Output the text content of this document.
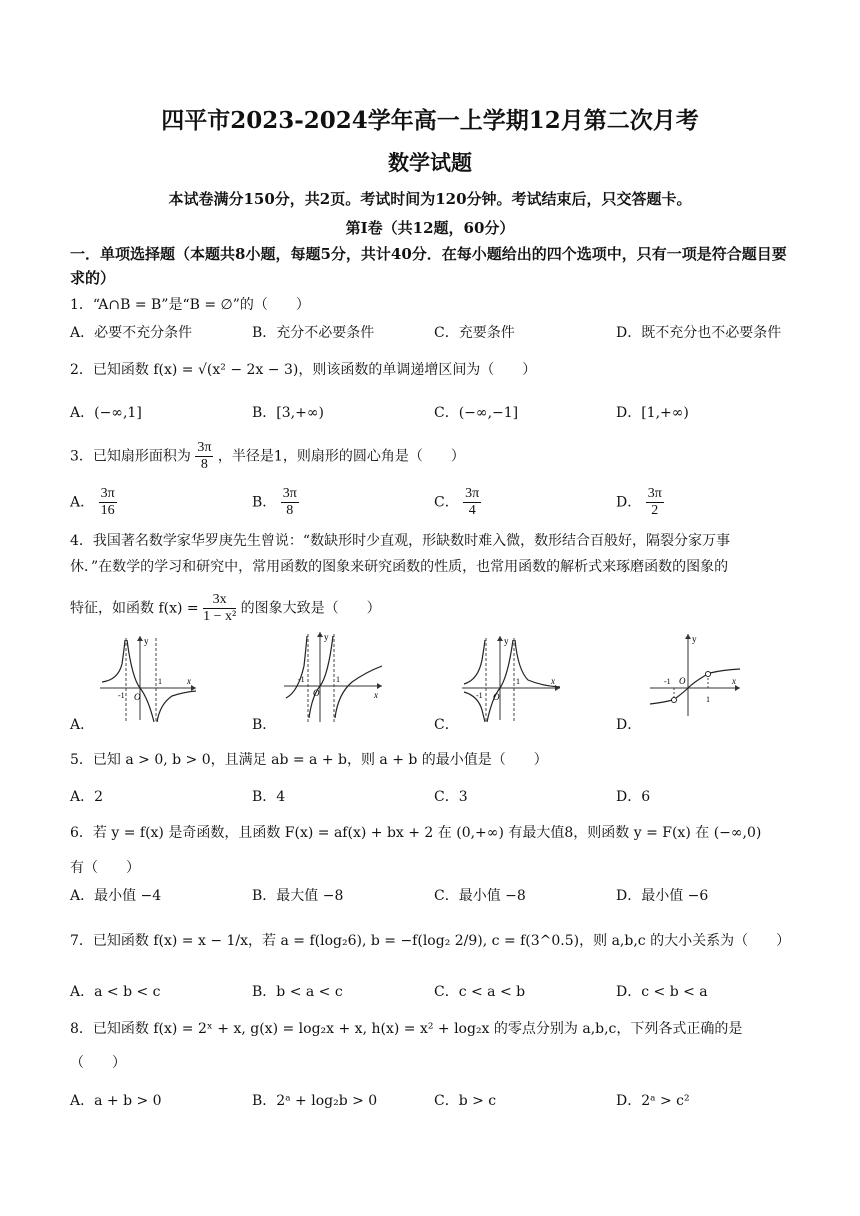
四平市2023-2024学年高一上学期12月第二次月考
数学试题
本试卷满分150分，共2页。考试时间为120分钟。考试结束后，只交答题卡。
第Ⅰ卷（共12题，60分）
一．单项选择题（本题共8小题，每题5分，共计40分．在每小题给出的四个选项中，只有一项是符合题目要求的）
1．“A∩B = B”是“B = ∅”的（　　）
A．必要不充分条件	B．充分不必要条件	C．充要条件	D．既不充分也不必要条件
2．已知函数 f(x) = √(x² − 2x − 3)，则该函数的单调递增区间为（　　）
A．(−∞,1]	B．[3,+∞)	C．(−∞,−1]	D．[1,+∞)
3．已知扇形面积为 $\frac{3\pi}{8}$ ，半径是1，则扇形的圆心角是（　　）
A． $\frac{3\pi}{16}$	B． $\frac{3\pi}{8}$	C． $\frac{3\pi}{4}$	D． $\frac{3\pi}{2}$
4．我国著名数学家华罗庚先生曾说：“数缺形时少直观，形缺数时难入微，数形结合百般好，隔裂分家万事
休．”在数学的学习和研究中，常用函数的图象来研究函数的性质，也常用函数的解析式来琢磨函数的图象的
特征，如函数 $f(x) = \frac{3x}{\text{1 − x²}}$ 的图象大致是（　　）
y
x
O
-1
1
y
x
O
-1	1
y
x
O
-1
1
y
x
O
-1
1
A．	B．	C．	D．
5．已知 a > 0, b > 0，且满足 ab = a + b，则 a + b 的最小值是（　　）
A．2	B．4	C．3	D．6
6．若 y = f(x) 是奇函数，且函数 F(x) = af(x) + bx + 2 在 (0,+∞) 有最大值8，则函数 y = F(x) 在 (−∞,0)
有（　　）
A．最小值 −4	B．最大值 −8	C．最小值 −8	D．最小值 −6
7．已知函数 f(x) = x − 1/x，若 a = f(log₂6), b = −f(log₂ 2/9), c = f(3^0.5)，则 a,b,c 的大小关系为（　　）
A．a < b < c	B．b < a < c	C．c < a < b	D．c < b < a
8．已知函数 f(x) = 2ˣ + x, g(x) = log₂x + x, h(x) = x² + log₂x 的零点分别为 a,b,c，下列各式正确的是
（　　）
A．a + b > 0	B．2ᵃ + log₂b > 0	C．b > c	D．2ᵃ > c²
